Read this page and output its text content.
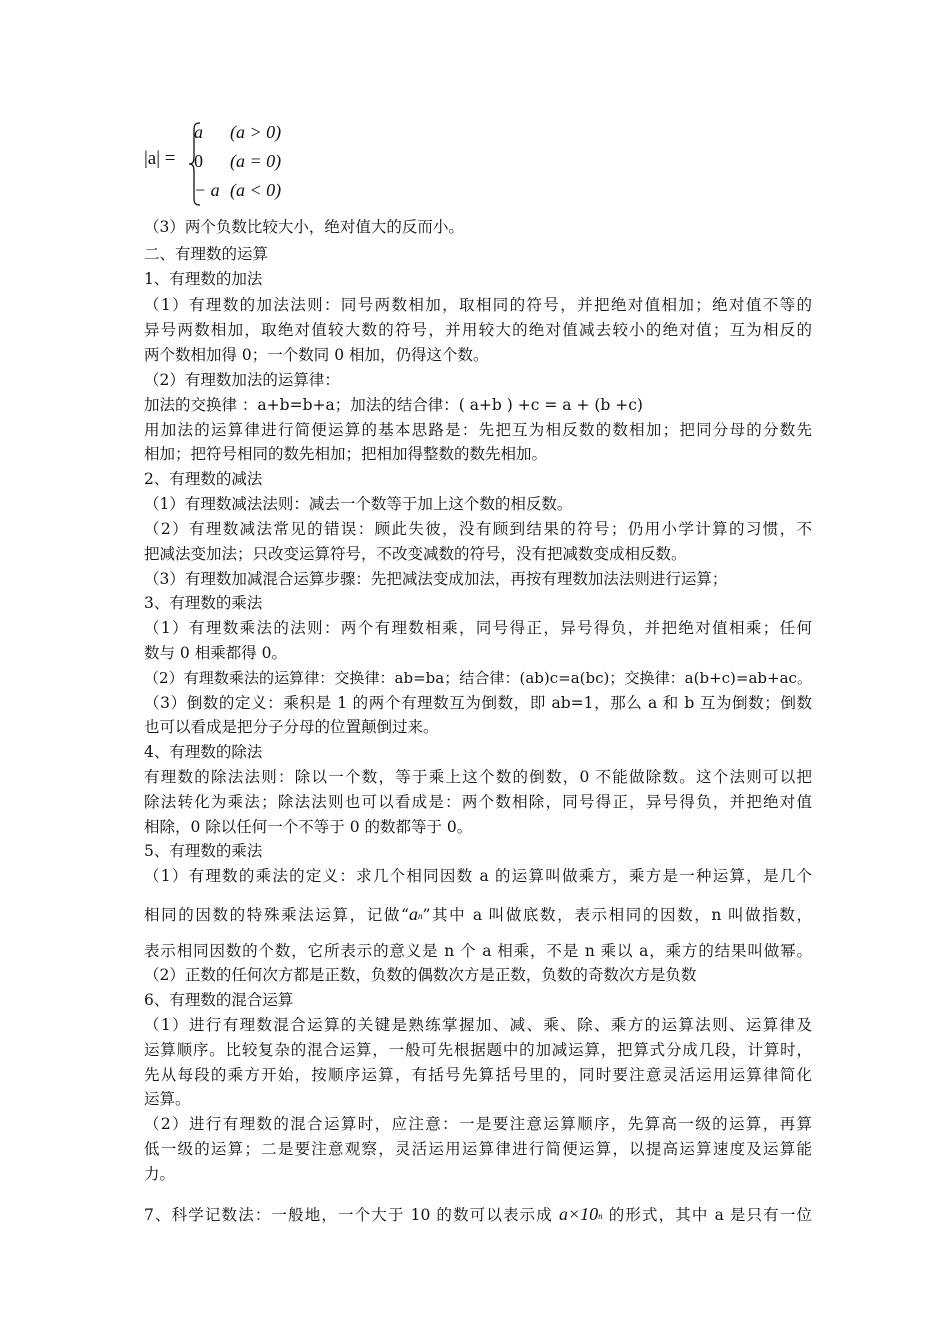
|a| =
a (a > 0)
0 (a = 0)
− a (a < 0)
（3）两个负数比较大小，绝对值大的反而小。
二、有理数的运算
1、有理数的加法
（1）有理数的加法法则：同号两数相加，取相同的符号，并把绝对值相加；绝对值不等的
异号两数相加，取绝对值较大数的符号，并用较大的绝对值减去较小的绝对值；互为相反的
两个数相加得 0；一个数同 0 相加，仍得这个数。
（2）有理数加法的运算律：
加法的交换律 ：a+b=b+a；加法的结合律：( a+b ) +c = a + (b +c)
用加法的运算律进行简便运算的基本思路是：先把互为相反数的数相加；把同分母的分数先
相加；把符号相同的数先相加；把相加得整数的数先相加。
2、有理数的减法
（1）有理数减法法则：减去一个数等于加上这个数的相反数。
（2）有理数减法常见的错误：顾此失彼，没有顾到结果的符号；仍用小学计算的习惯，不
把减法变加法；只改变运算符号，不改变减数的符号，没有把减数变成相反数。
（3）有理数加减混合运算步骤：先把减法变成加法，再按有理数加法法则进行运算；
3、有理数的乘法
（1）有理数乘法的法则：两个有理数相乘，同号得正，异号得负，并把绝对值相乘；任何
数与 0 相乘都得 0。
（2）有理数乘法的运算律：交换律：ab=ba；结合律：(ab)c=a(bc)；交换律：a(b+c)=ab+ac。
（3）倒数的定义：乘积是 1 的两个有理数互为倒数，即 ab=1，那么 a 和 b 互为倒数；倒数
也可以看成是把分子分母的位置颠倒过来。
4、有理数的除法
有理数的除法法则：除以一个数，等于乘上这个数的倒数，0 不能做除数。这个法则可以把
除法转化为乘法；除法法则也可以看成是：两个数相除，同号得正，异号得负，并把绝对值
相除，0 除以任何一个不等于 0 的数都等于 0。
5、有理数的乘法
（1）有理数的乘法的定义：求几个相同因数 a 的运算叫做乘方，乘方是一种运算，是几个
相同的因数的特殊乘法运算，记做“an”其中 a 叫做底数，表示相同的因数，n 叫做指数，
表示相同因数的个数，它所表示的意义是 n 个 a 相乘，不是 n 乘以 a，乘方的结果叫做幂。
（2）正数的任何次方都是正数，负数的偶数次方是正数，负数的奇数次方是负数
6、有理数的混合运算
（1）进行有理数混合运算的关键是熟练掌握加、减、乘、除、乘方的运算法则、运算律及
运算顺序。比较复杂的混合运算，一般可先根据题中的加减运算，把算式分成几段，计算时，
先从每段的乘方开始，按顺序运算，有括号先算括号里的，同时要注意灵活运用运算律简化
运算。
（2）进行有理数的混合运算时，应注意：一是要注意运算顺序，先算高一级的运算，再算
低一级的运算；二是要注意观察，灵活运用运算律进行简便运算，以提高运算速度及运算能
力。
7、科学记数法：一般地，一个大于 10 的数可以表示成 a×10n 的形式，其中 a 是只有一位
